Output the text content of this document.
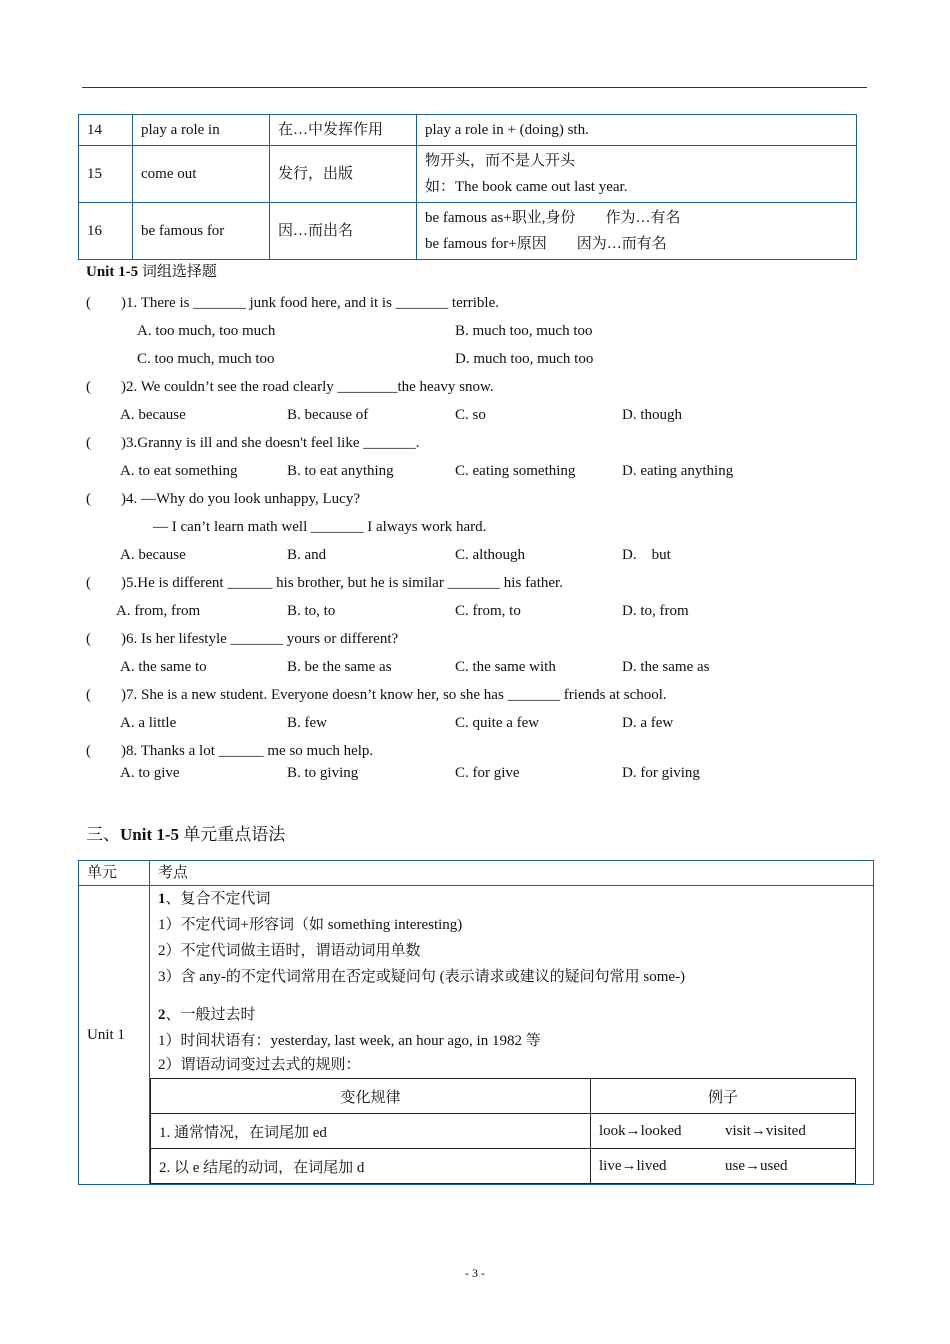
14	play a role in	在…中发挥作用	play a role in + (doing) sth.

15	come out	发行，出版	物开头，而不是人开头
如：The book came out last year.

16	be famous for	因…而出名	be famous as+职业,身份　　作为…有名
be famous for+原因　　因为…而有名
Unit 1-5 词组选择题
(　　)1. There is _______ junk food here, and it is _______ terrible.
A. too much, too much	B. much too, much too
C. too much, much too	D. much too, much too
(　　)2. We couldn’t see the road clearly ________the heavy snow.
A. because	B. because of	C. so	D. though
(　　)3.Granny is ill and she doesn't feel like _______.
A. to eat something	B. to eat anything	C. eating something	D. eating anything
(　　)4. —Why do you look unhappy, Lucy?
— I can’t learn math well _______ I always work hard.
A. because	B. and	C. although	D.　but
(　　)5.He is different ______ his brother, but he is similar _______ his father.
A. from, from	B. to, to	C. from, to	D. to, from
(　　)6. Is her lifestyle _______ yours or different?
A. the same to	B. be the same as	C. the same with	D. the same as
(　　)7. She is a new student. Everyone doesn’t know her, so she has _______ friends at school.
A. a little	B. few	C. quite a few	D. a few
(　　)8. Thanks a lot ______ me so much help.
A. to give	B. to giving	C. for give	D. for giving
三、Unit 1-5 单元重点语法
单元	考点
Unit 1	
1、复合不定代词
1）不定代词+形容词（如 something interesting)
2）不定代词做主语时，谓语动词用单数
3）含 any-的不定代词常用在否定或疑问句 (表示请求或建议的疑问句常用 some-)
2、一般过去时
1）时间状语有：yesterday, last week, an hour ago, in 1982 等
2）谓语动词变过去式的规则：
变化规律	例子
1. 通常情况，在词尾加 ed	look→looked	visit→visited
2. 以 e 结尾的动词，在词尾加 d	live→lived	use→used
- 3 -
